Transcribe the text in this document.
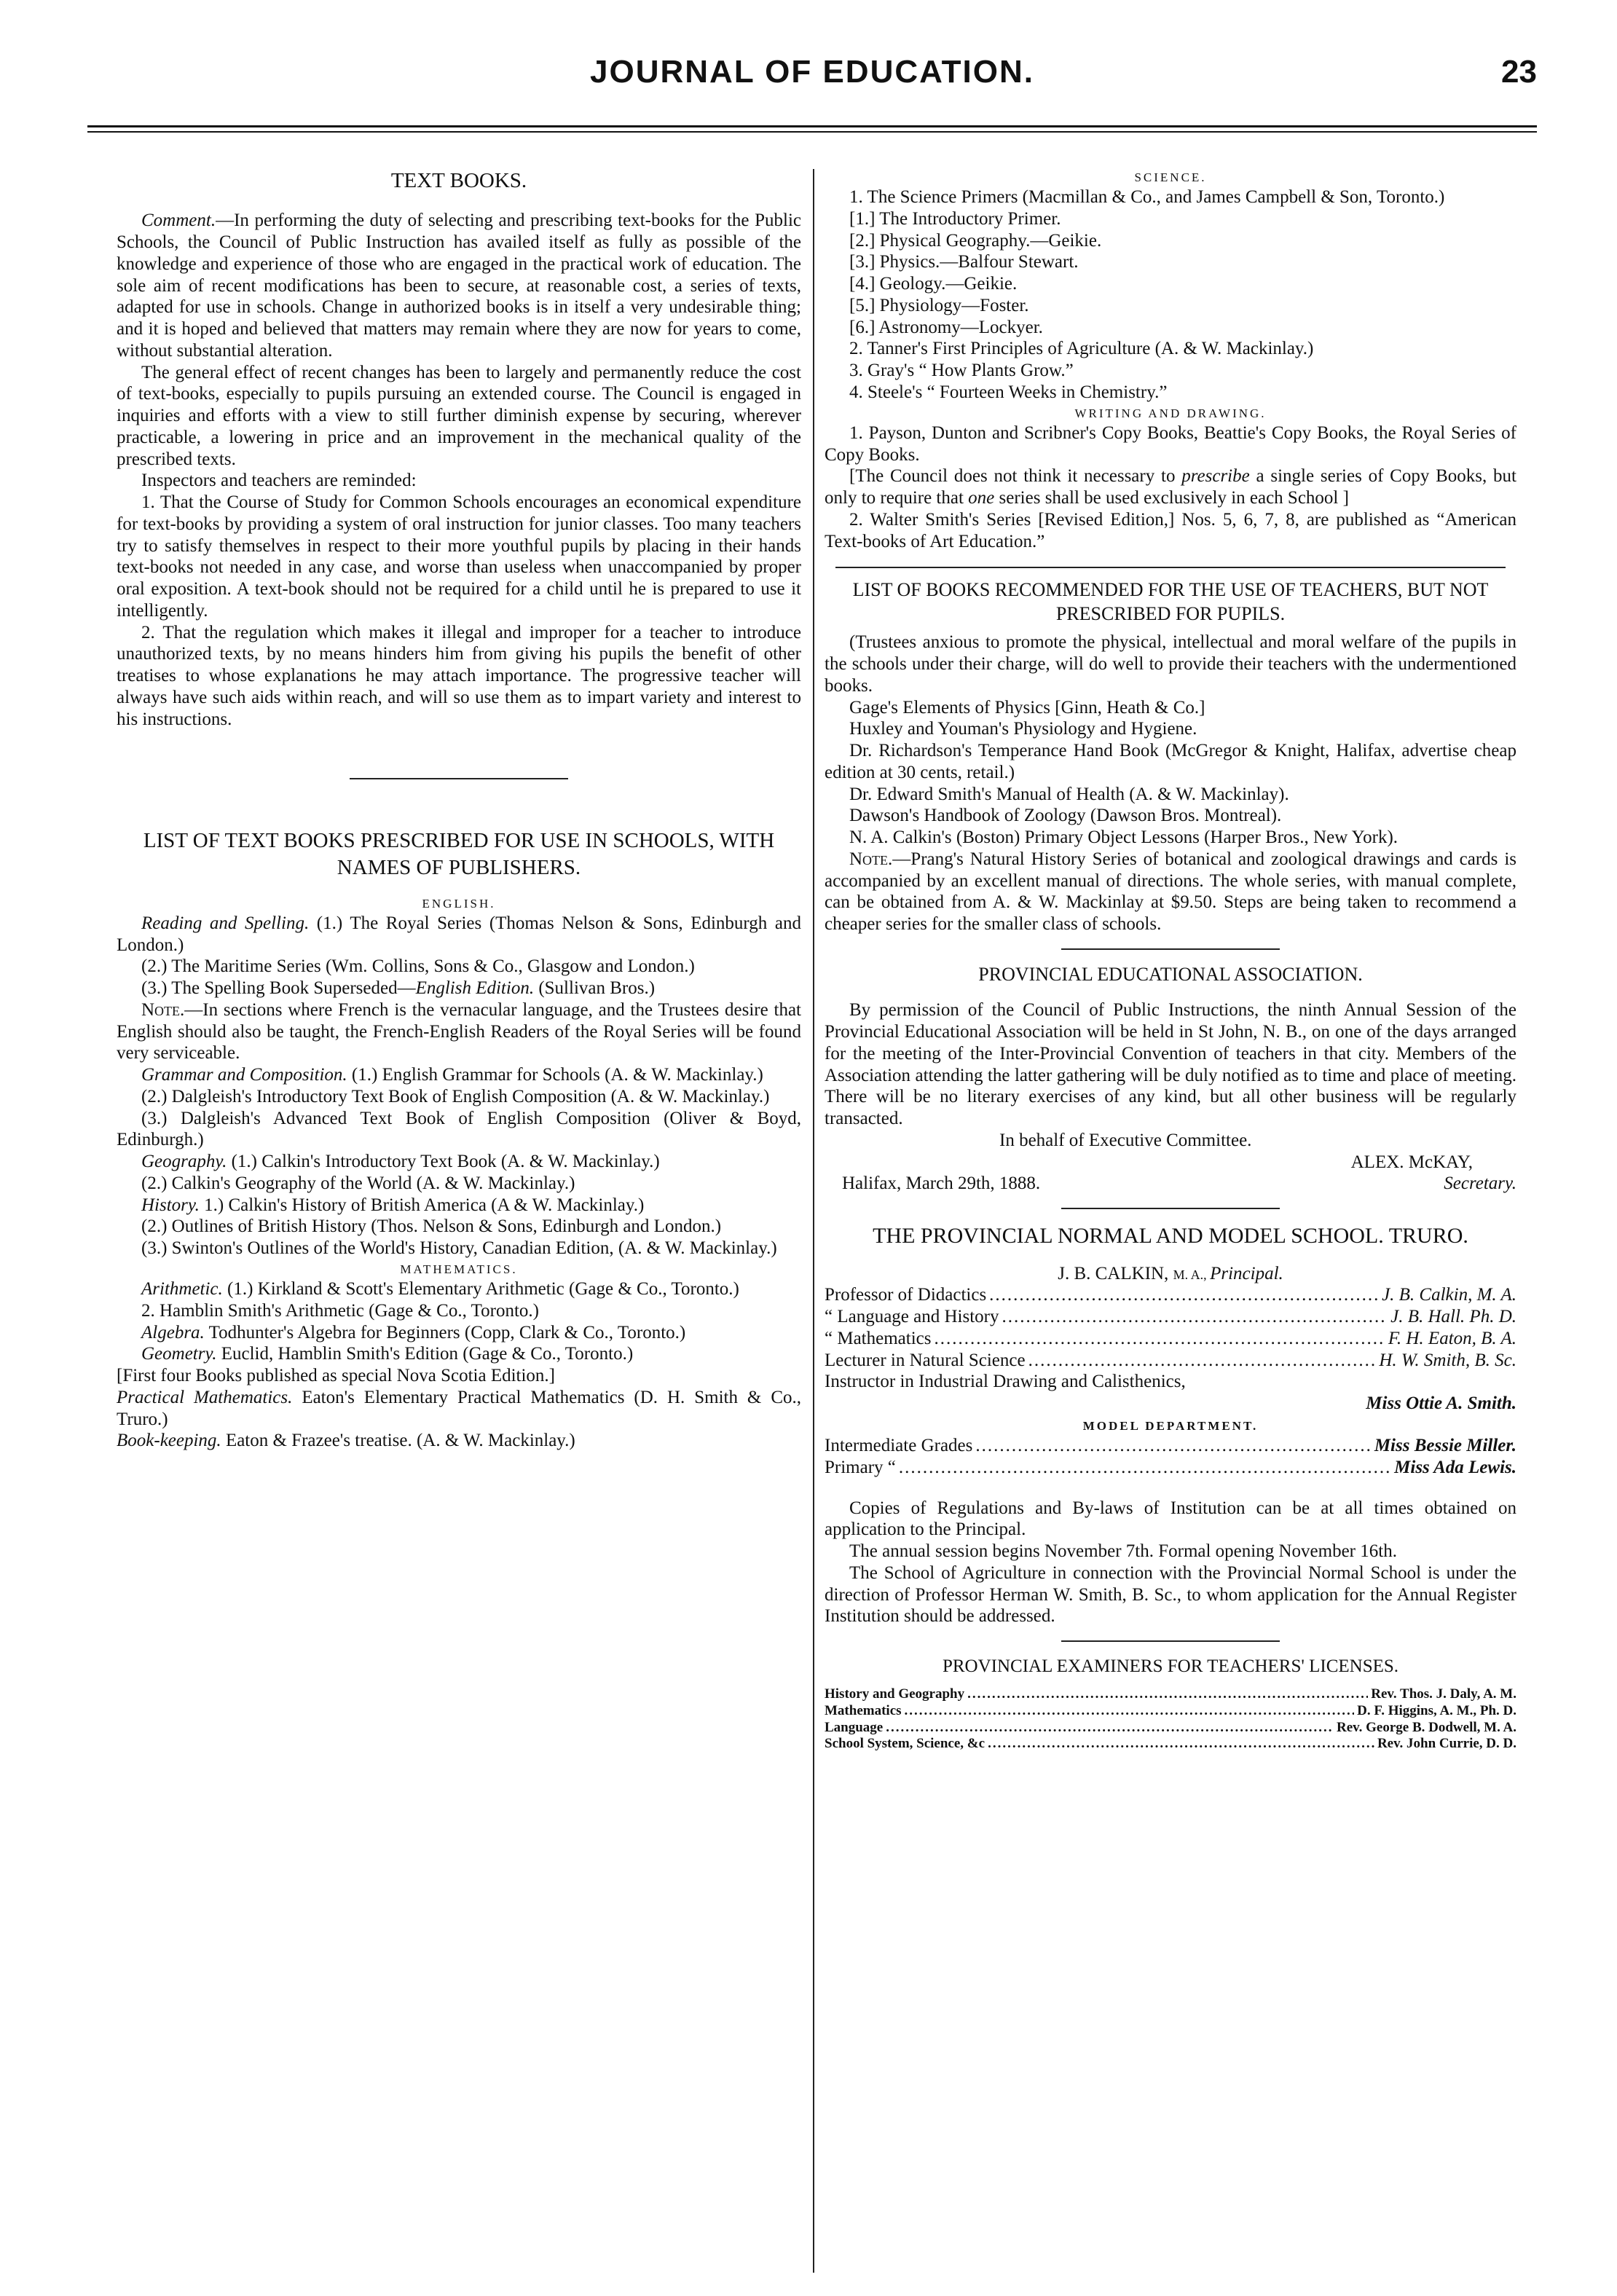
JOURNAL OF EDUCATION.	23
TEXT BOOKS.

Comment.—In performing the duty of selecting and prescribing text-books for the Public Schools, the Council of Public Instruction has availed itself as fully as possible of the knowledge and experience of those who are engaged in the practical work of education. The sole aim of recent modifications has been to secure, at reasonable cost, a series of texts, adapted for use in schools. Change in authorized books is in itself a very undesirable thing; and it is hoped and believed that matters may remain where they are now for years to come, without substantial alteration.

The general effect of recent changes has been to largely and permanently reduce the cost of text-books, especially to pupils pursuing an extended course. The Council is engaged in inquiries and efforts with a view to still further diminish expense by securing, wherever practicable, a lowering in price and an improvement in the mechanical quality of the prescribed texts.

Inspectors and teachers are reminded:

1. That the Course of Study for Common Schools encourages an economical expenditure for text-books by providing a system of oral instruction for junior classes. Too many teachers try to satisfy themselves in respect to their more youthful pupils by placing in their hands text-books not needed in any case, and worse than useless when unaccompanied by proper oral exposition. A text-book should not be required for a child until he is prepared to use it intelligently.

2. That the regulation which makes it illegal and improper for a teacher to introduce unauthorized texts, by no means hinders him from giving his pupils the benefit of other treatises to whose explanations he may attach importance. The progressive teacher will always have such aids within reach, and will so use them as to impart variety and interest to his instructions.

LIST OF TEXT BOOKS PRESCRIBED FOR USE IN SCHOOLS, WITH NAMES OF PUBLISHERS.
ENGLISH.

Reading and Spelling. (1.) The Royal Series (Thomas Nelson & Sons, Edinburgh and London.)

(2.) The Maritime Series (Wm. Collins, Sons & Co., Glasgow and London.)

(3.) The Spelling Book Superseded—English Edition. (Sullivan Bros.)

Note.—In sections where French is the vernacular language, and the Trustees desire that English should also be taught, the French-English Readers of the Royal Series will be found very serviceable.

Grammar and Composition. (1.) English Grammar for Schools (A. & W. Mackinlay.)

(2.) Dalgleish's Introductory Text Book of English Composition (A. & W. Mackinlay.)

(3.) Dalgleish's Advanced Text Book of English Composition (Oliver & Boyd, Edinburgh.)

Geography. (1.) Calkin's Introductory Text Book (A. & W. Mackinlay.)

(2.) Calkin's Geography of the World (A. & W. Mackinlay.)

History. 1.) Calkin's History of British America (A & W. Mackinlay.)

(2.) Outlines of British History (Thos. Nelson & Sons, Edinburgh and London.)

(3.) Swinton's Outlines of the World's History, Canadian Edition, (A. & W. Mackinlay.)

MATHEMATICS.

Arithmetic. (1.) Kirkland & Scott's Elementary Arithmetic (Gage & Co., Toronto.)

2. Hamblin Smith's Arithmetic (Gage & Co., Toronto.)

Algebra. Todhunter's Algebra for Beginners (Copp, Clark & Co., Toronto.)

Geometry. Euclid, Hamblin Smith's Edition (Gage & Co., Toronto.)

[First four Books published as special Nova Scotia Edition.]

Practical Mathematics. Eaton's Elementary Practical Mathematics (D. H. Smith & Co., Truro.)

Book-keeping. Eaton & Frazee's treatise. (A. & W. Mackinlay.)

SCIENCE.

1. The Science Primers (Macmillan & Co., and James Campbell & Son, Toronto.)

[1.] The Introductory Primer.

[2.] Physical Geography.—Geikie.

[3.] Physics.—Balfour Stewart.

[4.] Geology.—Geikie.

[5.] Physiology—Foster.

[6.] Astronomy—Lockyer.

2. Tanner's First Principles of Agriculture (A. & W. Mackinlay.)

3. Gray's “ How Plants Grow.”

4. Steele's “ Fourteen Weeks in Chemistry.”

WRITING AND DRAWING.

1. Payson, Dunton and Scribner's Copy Books, Beattie's Copy Books, the Royal Series of Copy Books.

[The Council does not think it necessary to prescribe a single series of Copy Books, but only to require that one series shall be used exclusively in each School ]

2. Walter Smith's Series [Revised Edition,] Nos. 5, 6, 7, 8, are published as “American Text-books of Art Education.”

LIST OF BOOKS RECOMMENDED FOR THE USE OF TEACHERS, BUT NOT PRESCRIBED FOR PUPILS.

(Trustees anxious to promote the physical, intellectual and moral welfare of the pupils in the schools under their charge, will do well to provide their teachers with the undermentioned books.

Gage's Elements of Physics [Ginn, Heath & Co.]

Huxley and Youman's Physiology and Hygiene.

Dr. Richardson's Temperance Hand Book (McGregor & Knight, Halifax, advertise cheap edition at 30 cents, retail.)

Dr. Edward Smith's Manual of Health (A. & W. Mackinlay).

Dawson's Handbook of Zoology (Dawson Bros. Montreal).

N. A. Calkin's (Boston) Primary Object Lessons (Harper Bros., New York).

Note.—Prang's Natural History Series of botanical and zoological drawings and cards is accompanied by an excellent manual of directions. The whole series, with manual complete, can be obtained from A. & W. Mackinlay at $9.50. Steps are being taken to recommend a cheaper series for the smaller class of schools.

PROVINCIAL EDUCATIONAL ASSOCIATION.

By permission of the Council of Public Instructions, the ninth Annual Session of the Provincial Educational Association will be held in St John, N. B., on one of the days arranged for the meeting of the Inter-Provincial Convention of teachers in that city. Members of the Association attending the latter gathering will be duly notified as to time and place of meeting. There will be no literary exercises of any kind, but all other business will be regularly transacted.

In behalf of Executive Committee.

ALEX. McKAY,

Halifax, March 29th, 1888.	Secretary.
THE PROVINCIAL NORMAL AND MODEL SCHOOL. TRURO.

J. B. CALKIN, M. A., Principal.

Professor of Didactics .....	J. B. Calkin, M. A.
“ Language and History .....	J. B. Hall. Ph. D.
“ Mathematics .....	F. H. Eaton, B. A.
Lecturer in Natural Science .....	H. W. Smith, B. Sc.

Instructor in Industrial Drawing and Calisthenics,

Miss Ottie A. Smith.

MODEL DEPARTMENT.
Intermediate Grades .....	Miss Bessie Miller.
Primary “ .....	Miss Ada Lewis.

Copies of Regulations and By-laws of Institution can be at all times obtained on application to the Principal.

The annual session begins November 7th. Formal opening November 16th.

The School of Agriculture in connection with the Provincial Normal School is under the direction of Professor Herman W. Smith, B. Sc., to whom application for the Annual Register Institution should be addressed.

PROVINCIAL EXAMINERS FOR TEACHERS' LICENSES.
History and Geography .....	Rev. Thos. J. Daly, A. M.
Mathematics .....	D. F. Higgins, A. M., Ph. D.
Language .....	Rev. George B. Dodwell, M. A.
School System, Science, &c .....	Rev. John Currie, D. D.
